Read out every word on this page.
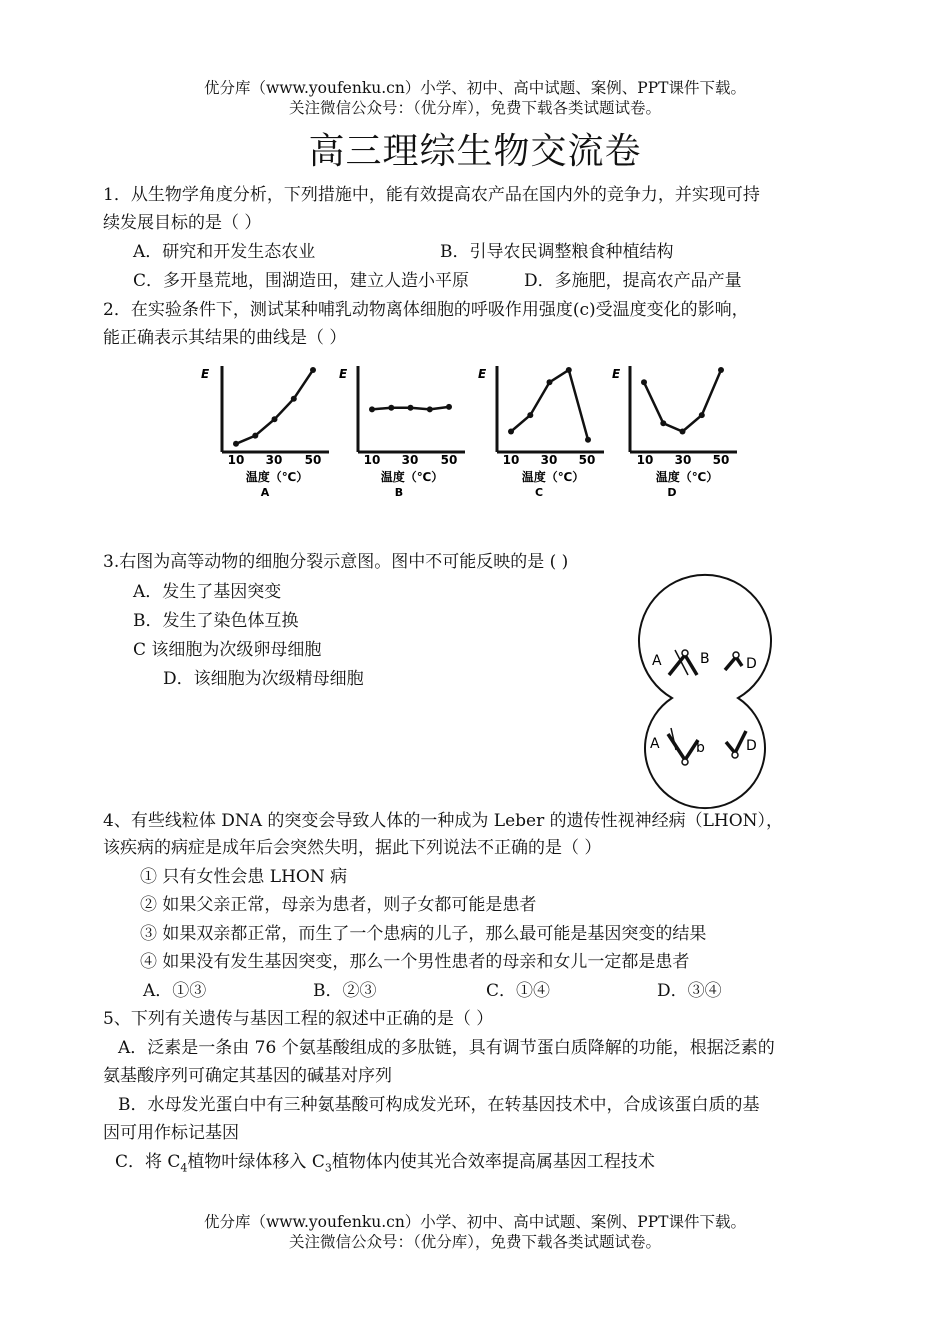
优分库（www.youfenku.cn）小学、初中、高中试题、案例、PPT课件下载。
关注微信公众号：（优分库），免费下载各类试题试卷。
高三理综生物交流卷
1．从生物学角度分析，下列措施中，能有效提高农产品在国内外的竞争力，并实现可持
续发展目标的是（ ）
A．研究和开发生态农业	B．引导农民调整粮食种植结构
C．多开垦荒地，围湖造田，建立人造小平原	D．多施肥，提高农产品产量
2．在实验条件下，测试某种哺乳动物离体细胞的呼吸作用强度(c)受温度变化的影响，
能正确表示其结果的曲线是（ ）
E
10 30 50
温度（℃）
A
E
10 30 50
温度（℃）
B
E
10 30 50
温度（℃）
C
E
10 30 50
温度（℃）
D
3.右图为高等动物的细胞分裂示意图。图中不可能反映的是 ( )
A．发生了基因突变
B．发生了染色体互换
C 该细胞为次级卵母细胞
D．该细胞为次级精母细胞
A	B	D
A	b	D
4、有些线粒体 DNA 的突变会导致人体的一种成为 Leber 的遗传性视神经病（LHON），
该疾病的病症是成年后会突然失明，据此下列说法不正确的是（ ）
① 只有女性会患 LHON 病
② 如果父亲正常，母亲为患者，则子女都可能是患者
③ 如果双亲都正常，而生了一个患病的儿子，那么最可能是基因突变的结果
④ 如果没有发生基因突变，那么一个男性患者的母亲和女儿一定都是患者
A．①③	B．②③	C．①④	D．③④
5、下列有关遗传与基因工程的叙述中正确的是（ ）
A．泛素是一条由 76 个氨基酸组成的多肽链，具有调节蛋白质降解的功能，根据泛素的
氨基酸序列可确定其基因的碱基对序列
B．水母发光蛋白中有三种氨基酸可构成发光环，在转基因技术中，合成该蛋白质的基
因可用作标记基因
C．将 $C_4$植物叶绿体移入 $C_3$植物体内使其光合效率提高属基因工程技术
优分库（www.youfenku.cn）小学、初中、高中试题、案例、PPT课件下载。
关注微信公众号：（优分库），免费下载各类试题试卷。
